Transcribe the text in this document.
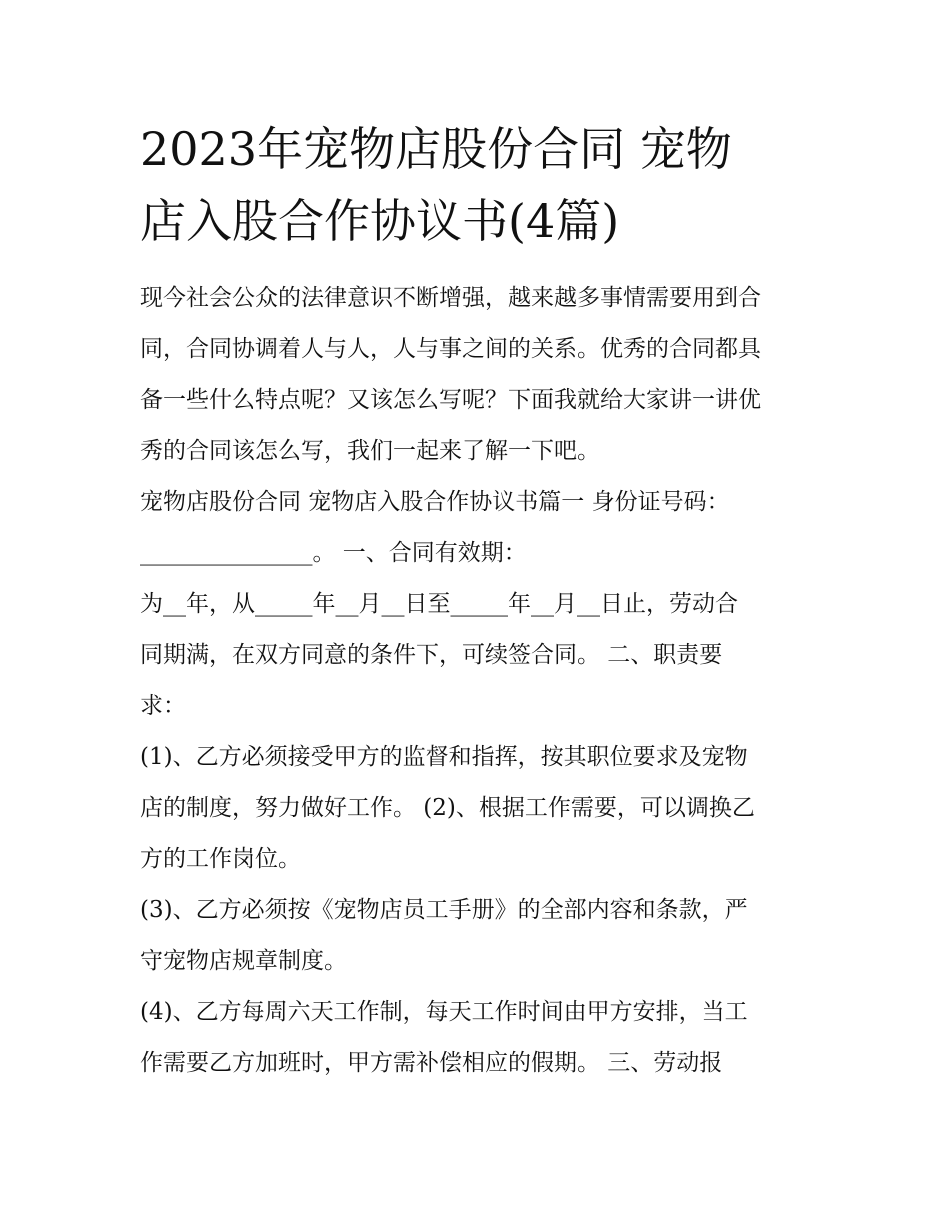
2023年宠物店股份合同 宠物
店入股合作协议书(4篇)
现今社会公众的法律意识不断增强，越来越多事情需要用到合
同，合同协调着人与人，人与事之间的关系。优秀的合同都具
备一些什么特点呢？又该怎么写呢？下面我就给大家讲一讲优
秀的合同该怎么写，我们一起来了解一下吧。
宠物店股份合同 宠物店入股合作协议书篇一 身份证号码：
_______________。 一、合同有效期：
为__年，从_____年__月__日至_____年__月__日止，劳动合
同期满，在双方同意的条件下，可续签合同。 二、职责要
求：
(1)、乙方必须接受甲方的监督和指挥，按其职位要求及宠物
店的制度，努力做好工作。 (2)、根据工作需要，可以调换乙
方的工作岗位。
(3)、乙方必须按《宠物店员工手册》的全部内容和条款，严
守宠物店规章制度。
(4)、乙方每周六天工作制，每天工作时间由甲方安排，当工
作需要乙方加班时，甲方需补偿相应的假期。 三、劳动报
